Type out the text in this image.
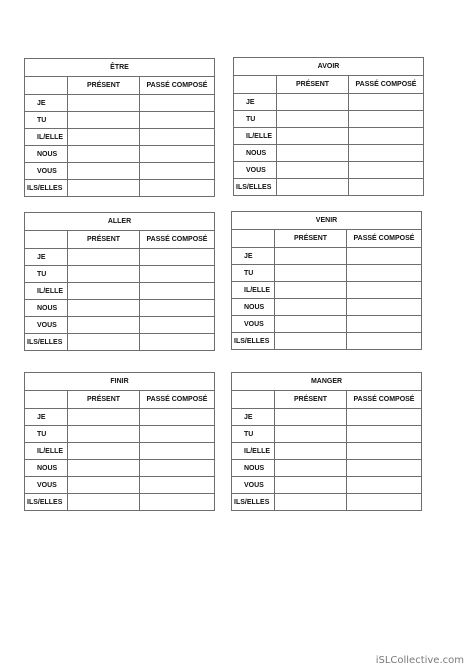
ÊTRE		
	PRÉSENT	PASSÉ COMPOSÉ
JE		
TU		
IL/ELLE		
NOUS		
VOUS		
ILS/ELLES		
AVOIR		
	PRÉSENT	PASSÉ COMPOSÉ
JE		
TU		
IL/ELLE		
NOUS		
VOUS		
ILS/ELLES		
ALLER		
	PRÉSENT	PASSÉ COMPOSÉ
JE		
TU		
IL/ELLE		
NOUS		
VOUS		
ILS/ELLES		
VENIR		
	PRÉSENT	PASSÉ COMPOSÉ
JE		
TU		
IL/ELLE		
NOUS		
VOUS		
ILS/ELLES		
FINIR		
	PRÉSENT	PASSÉ COMPOSÉ
JE		
TU		
IL/ELLE		
NOUS		
VOUS		
ILS/ELLES		
MANGER		
	PRÉSENT	PASSÉ COMPOSÉ
JE		
TU		
IL/ELLE		
NOUS		
VOUS		
ILS/ELLES		
iSLCollective.com
